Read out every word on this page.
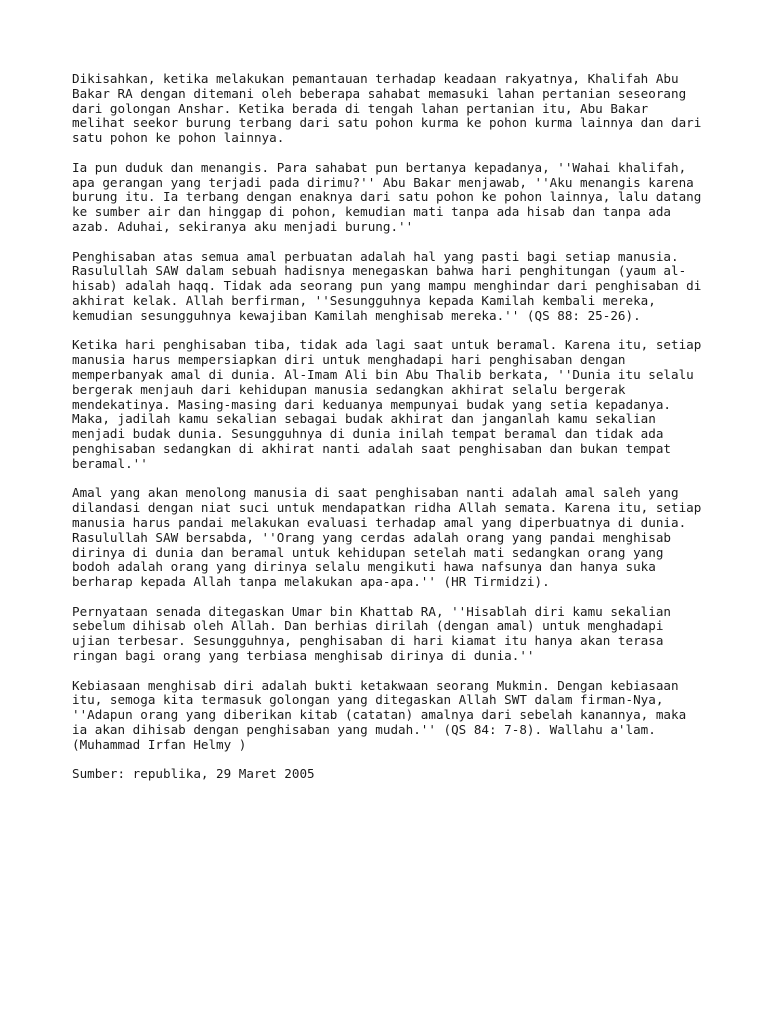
Dikisahkan, ketika melakukan pemantauan terhadap keadaan rakyatnya, Khalifah Abu
Bakar RA dengan ditemani oleh beberapa sahabat memasuki lahan pertanian seseorang
dari golongan Anshar. Ketika berada di tengah lahan pertanian itu, Abu Bakar
melihat seekor burung terbang dari satu pohon kurma ke pohon kurma lainnya dan dari
satu pohon ke pohon lainnya.
Ia pun duduk dan menangis. Para sahabat pun bertanya kepadanya, ''Wahai khalifah,
apa gerangan yang terjadi pada dirimu?'' Abu Bakar menjawab, ''Aku menangis karena
burung itu. Ia terbang dengan enaknya dari satu pohon ke pohon lainnya, lalu datang
ke sumber air dan hinggap di pohon, kemudian mati tanpa ada hisab dan tanpa ada
azab. Aduhai, sekiranya aku menjadi burung.''
Penghisaban atas semua amal perbuatan adalah hal yang pasti bagi setiap manusia.
Rasulullah SAW dalam sebuah hadisnya menegaskan bahwa hari penghitungan (yaum al-
hisab) adalah haqq. Tidak ada seorang pun yang mampu menghindar dari penghisaban di
akhirat kelak. Allah berfirman, ''Sesungguhnya kepada Kamilah kembali mereka,
kemudian sesungguhnya kewajiban Kamilah menghisab mereka.'' (QS 88: 25-26).
Ketika hari penghisaban tiba, tidak ada lagi saat untuk beramal. Karena itu, setiap
manusia harus mempersiapkan diri untuk menghadapi hari penghisaban dengan
memperbanyak amal di dunia. Al-Imam Ali bin Abu Thalib berkata, ''Dunia itu selalu
bergerak menjauh dari kehidupan manusia sedangkan akhirat selalu bergerak
mendekatinya. Masing-masing dari keduanya mempunyai budak yang setia kepadanya.
Maka, jadilah kamu sekalian sebagai budak akhirat dan janganlah kamu sekalian
menjadi budak dunia. Sesungguhnya di dunia inilah tempat beramal dan tidak ada
penghisaban sedangkan di akhirat nanti adalah saat penghisaban dan bukan tempat
beramal.''
Amal yang akan menolong manusia di saat penghisaban nanti adalah amal saleh yang
dilandasi dengan niat suci untuk mendapatkan ridha Allah semata. Karena itu, setiap
manusia harus pandai melakukan evaluasi terhadap amal yang diperbuatnya di dunia.
Rasulullah SAW bersabda, ''Orang yang cerdas adalah orang yang pandai menghisab
dirinya di dunia dan beramal untuk kehidupan setelah mati sedangkan orang yang
bodoh adalah orang yang dirinya selalu mengikuti hawa nafsunya dan hanya suka
berharap kepada Allah tanpa melakukan apa-apa.'' (HR Tirmidzi).
Pernyataan senada ditegaskan Umar bin Khattab RA, ''Hisablah diri kamu sekalian
sebelum dihisab oleh Allah. Dan berhias dirilah (dengan amal) untuk menghadapi
ujian terbesar. Sesungguhnya, penghisaban di hari kiamat itu hanya akan terasa
ringan bagi orang yang terbiasa menghisab dirinya di dunia.''
Kebiasaan menghisab diri adalah bukti ketakwaan seorang Mukmin. Dengan kebiasaan
itu, semoga kita termasuk golongan yang ditegaskan Allah SWT dalam firman-Nya,
''Adapun orang yang diberikan kitab (catatan) amalnya dari sebelah kanannya, maka
ia akan dihisab dengan penghisaban yang mudah.'' (QS 84: 7-8). Wallahu a'lam.
(Muhammad Irfan Helmy )
Sumber: republika, 29 Maret 2005
